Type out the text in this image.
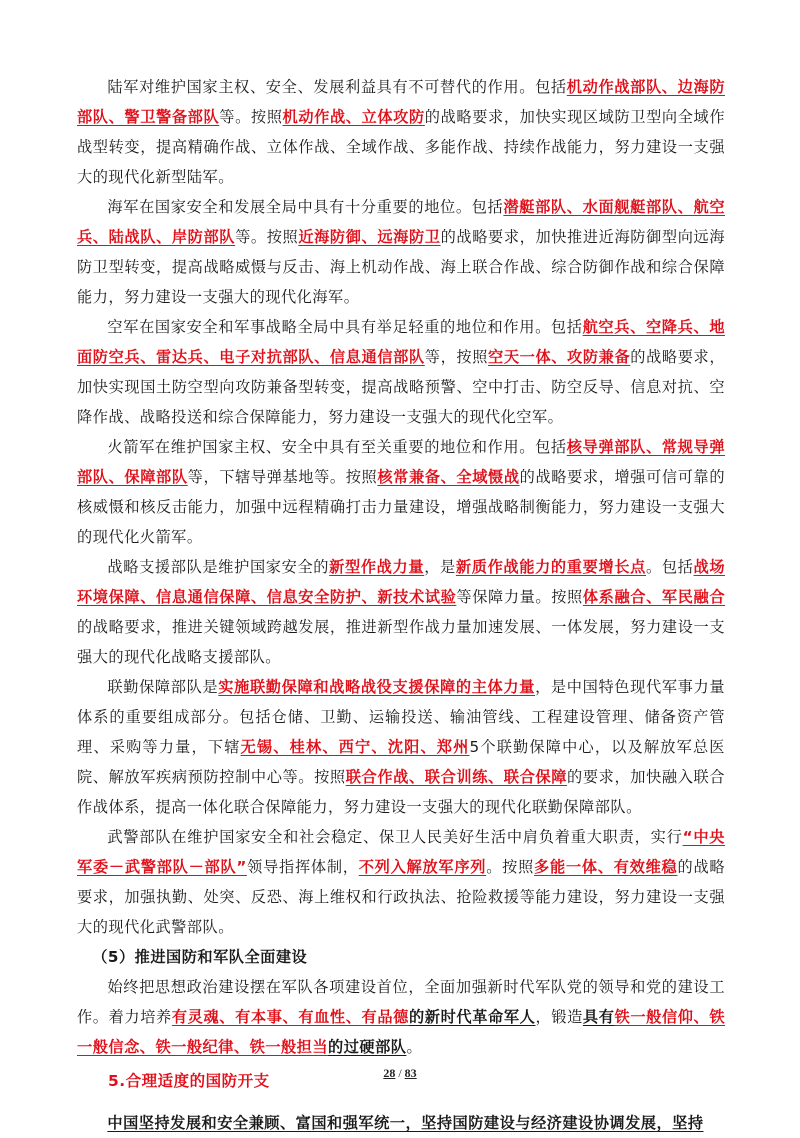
陆军对维护国家主权、安全、发展利益具有不可替代的作用。包括机动作战部队、边海防部队、警卫警备部队等。按照机动作战、立体攻防的战略要求，加快实现区域防卫型向全域作战型转变，提高精确作战、立体作战、全域作战、多能作战、持续作战能力，努力建设一支强大的现代化新型陆军。

海军在国家安全和发展全局中具有十分重要的地位。包括潜艇部队、水面舰艇部队、航空兵、陆战队、岸防部队等。按照近海防御、远海防卫的战略要求，加快推进近海防御型向远海防卫型转变，提高战略威慑与反击、海上机动作战、海上联合作战、综合防御作战和综合保障能力，努力建设一支强大的现代化海军。

空军在国家安全和军事战略全局中具有举足轻重的地位和作用。包括航空兵、空降兵、地面防空兵、雷达兵、电子对抗部队、信息通信部队等，按照空天一体、攻防兼备的战略要求，加快实现国土防空型向攻防兼备型转变，提高战略预警、空中打击、防空反导、信息对抗、空降作战、战略投送和综合保障能力，努力建设一支强大的现代化空军。

火箭军在维护国家主权、安全中具有至关重要的地位和作用。包括核导弹部队、常规导弹部队、保障部队等，下辖导弹基地等。按照核常兼备、全域慑战的战略要求，增强可信可靠的核威慑和核反击能力，加强中远程精确打击力量建设，增强战略制衡能力，努力建设一支强大的现代化火箭军。

战略支援部队是维护国家安全的新型作战力量，是新质作战能力的重要增长点。包括战场环境保障、信息通信保障、信息安全防护、新技术试验等保障力量。按照体系融合、军民融合的战略要求，推进关键领域跨越发展，推进新型作战力量加速发展、一体发展，努力建设一支强大的现代化战略支援部队。

联勤保障部队是实施联勤保障和战略战役支援保障的主体力量，是中国特色现代军事力量体系的重要组成部分。包括仓储、卫勤、运输投送、输油管线、工程建设管理、储备资产管理、采购等力量，下辖无锡、桂林、西宁、沈阳、郑州5个联勤保障中心，以及解放军总医院、解放军疾病预防控制中心等。按照联合作战、联合训练、联合保障的要求，加快融入联合作战体系，提高一体化联合保障能力，努力建设一支强大的现代化联勤保障部队。

武警部队在维护国家安全和社会稳定、保卫人民美好生活中肩负着重大职责，实行“中央军委－武警部队－部队”领导指挥体制，不列入解放军序列。按照多能一体、有效维稳的战略要求，加强执勤、处突、反恐、海上维权和行政执法、抢险救援等能力建设，努力建设一支强大的现代化武警部队。

（5）推进国防和军队全面建设

始终把思想政治建设摆在军队各项建设首位，全面加强新时代军队党的领导和党的建设工作。着力培养有灵魂、有本事、有血性、有品德的新时代革命军人，锻造具有铁一般信仰、铁一般信念、铁一般纪律、铁一般担当的过硬部队。

5.合理适度的国防开支

中国坚持发展和安全兼顾、富国和强军统一，坚持国防建设与经济建设协调发展，坚持

28 / 83
